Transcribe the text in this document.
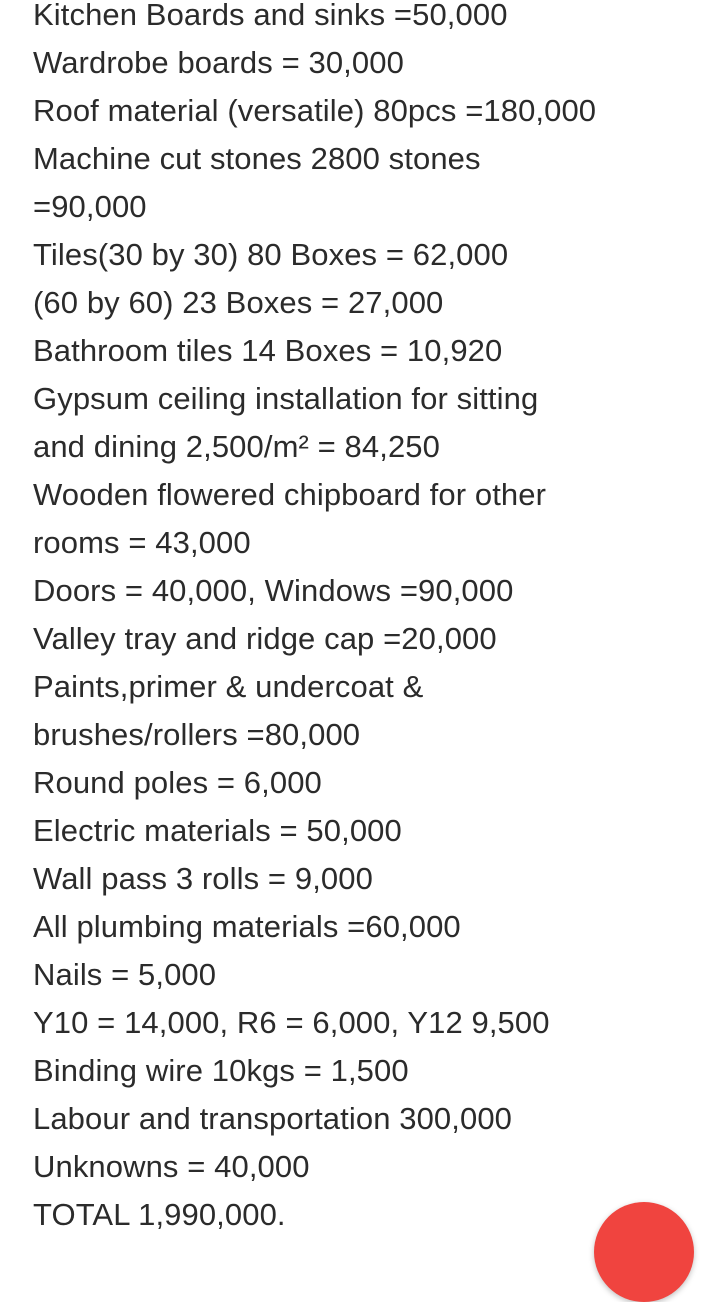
Kitchen Boards and sinks =50,000
Wardrobe boards = 30,000
Roof material (versatile) 80pcs =180,000
Machine cut stones 2800 stones
=90,000
Tiles(30 by 30) 80 Boxes = 62,000
(60 by 60) 23 Boxes = 27,000
Bathroom tiles 14 Boxes = 10,920
Gypsum ceiling installation for sitting
and dining 2,500/m² = 84,250
Wooden flowered chipboard for other
rooms = 43,000
Doors = 40,000, Windows =90,000
Valley tray and ridge cap =20,000
Paints,primer & undercoat &
brushes/rollers =80,000
Round poles = 6,000
Electric materials = 50,000
Wall pass 3 rolls = 9,000
All plumbing materials =60,000
Nails = 5,000
Y10 = 14,000, R6 = 6,000, Y12 9,500
Binding wire 10kgs = 1,500
Labour and transportation 300,000
Unknowns = 40,000
TOTAL 1,990,000.
